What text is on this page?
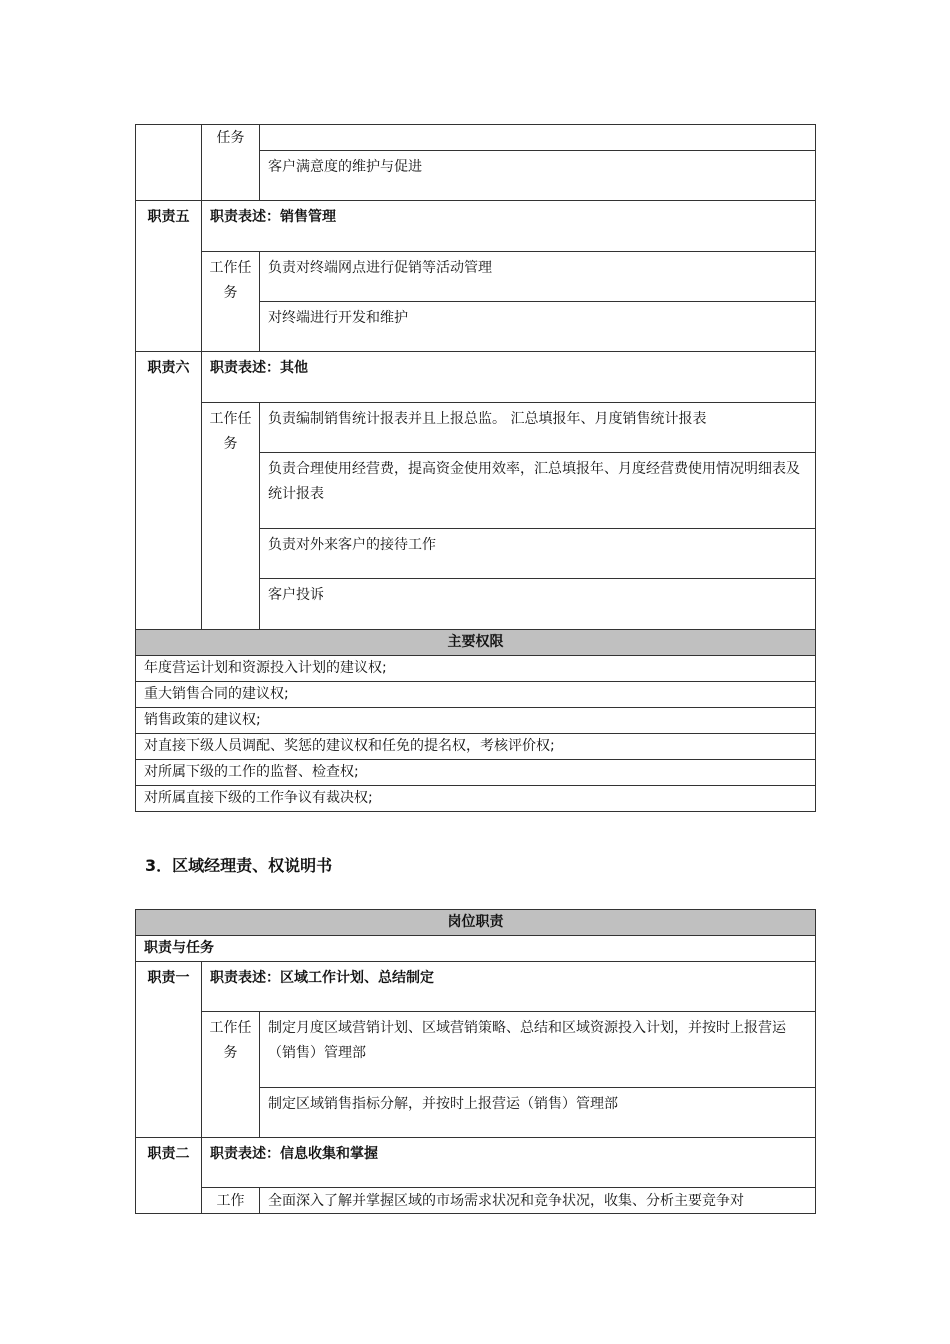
	任务	
		客户满意度的维护与促进
职责五	职责表述：销售管理	
	工作任务	负责对终端网点进行促销等活动管理
		对终端进行开发和维护
职责六	职责表述：其他	
	工作任务	负责编制销售统计报表并且上报总监。 汇总填报年、月度销售统计报表
		负责合理使用经营费，提高资金使用效率，汇总填报年、月度经营费使用情况明细表及统计报表
		负责对外来客户的接待工作
		客户投诉
主要权限		
年度营运计划和资源投入计划的建议权;		
重大销售合同的建议权;		
销售政策的建议权;		
对直接下级人员调配、奖惩的建议权和任免的提名权，考核评价权;		
对所属下级的工作的监督、检查权;		
对所属直接下级的工作争议有裁决权;		
3．区域经理责、权说明书
岗位职责		
职责与任务		
职责一	职责表述：区域工作计划、总结制定	
	工作任务	制定月度区域营销计划、区域营销策略、总结和区域资源投入计划，并按时上报营运（销售）管理部
		制定区域销售指标分解，并按时上报营运（销售）管理部
职责二	职责表述：信息收集和掌握	
	工作	全面深入了解并掌握区域的市场需求状况和竞争状况，收集、分析主要竞争对
